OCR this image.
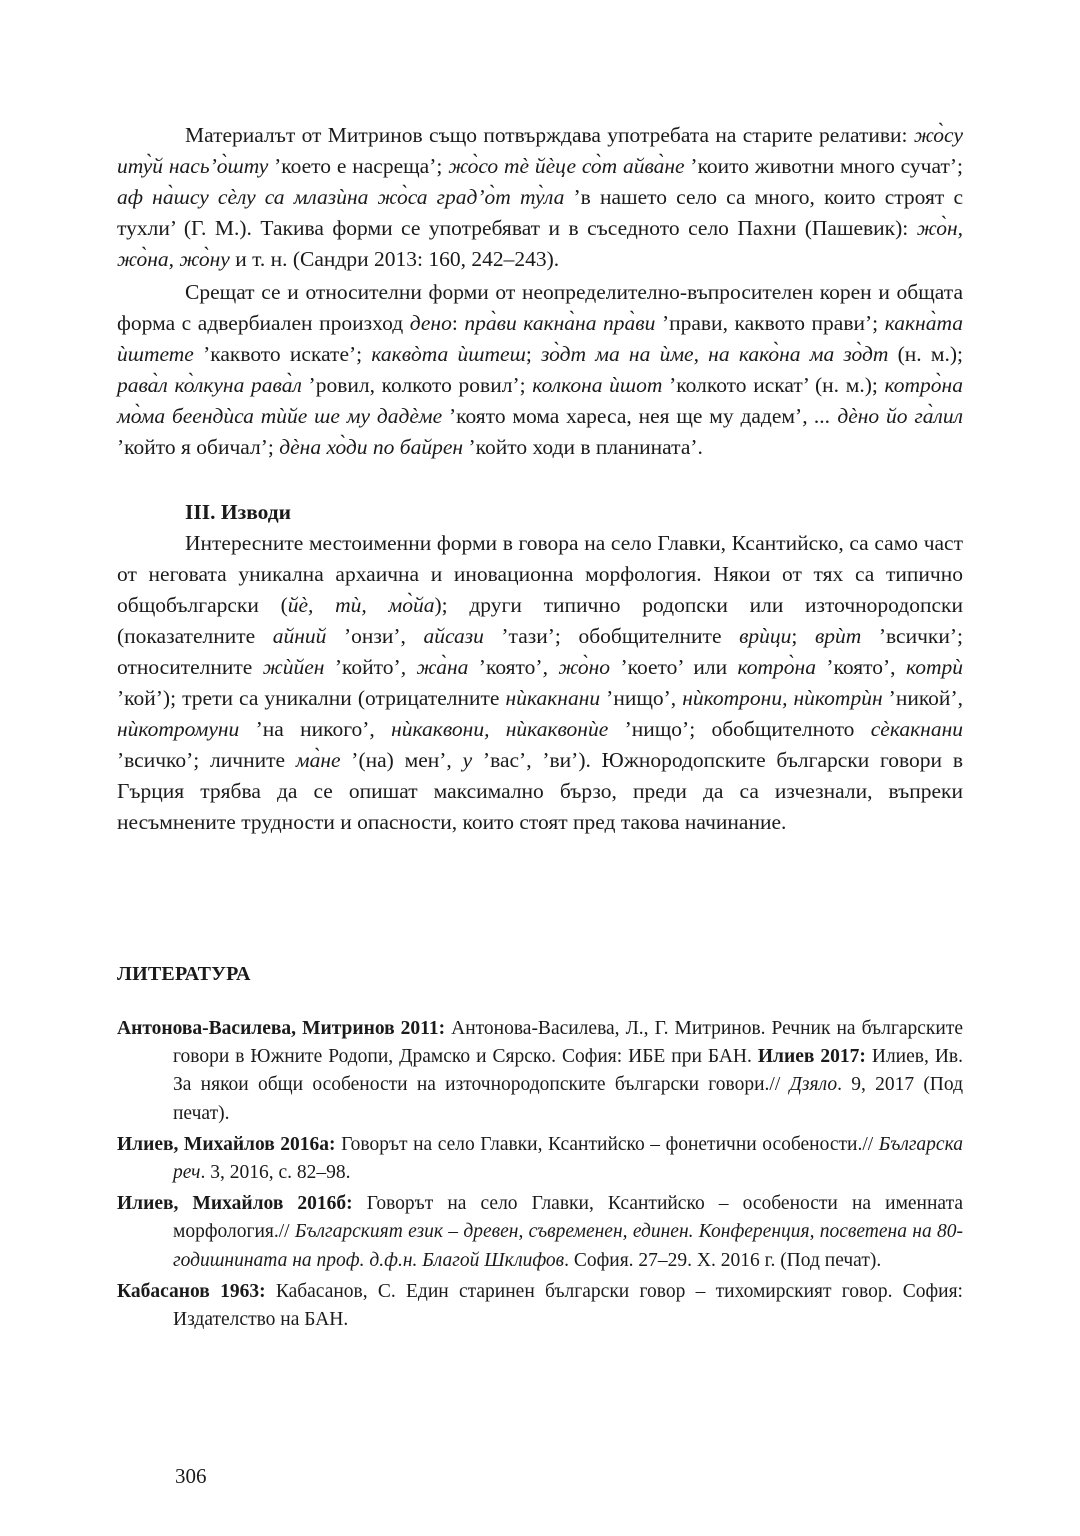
Материалът от Митринов също потвърждава употребата на старите релативи: жо̀су иту̀й нась’о̀шту ’което е насреща’; жо̀со тѐ йѐце со̀т айва̀не ’които животни много сучат’; аф на̀шсу сѐлу са млазѝна жо̀са град’о̀т ту̀ла ’в нашето село са много, които строят с тухли’ (Г. М.). Такива форми се употребяват и в съседното село Пахни (Пашевик): жо̀н, жо̀на, жо̀ну и т. н. (Сандри 2013: 160, 242–243).

Срещат се и относителни форми от неопределително-въпросителен корен и общата форма с адвербиален произход дено: пра̀ви какна̀на пра̀ви ’прави, каквото прави’; какна̀та ѝштете ’каквото искате’; каквòта ѝштеш; зо̀дт ма на ѝме, на како̀на ма зо̀дт (н. м.); рава̀л ко̀лкуна рава̀л ’ровил, колкото ровил’; колкона ѝшот ’колкото искат’ (н. м.); котро̀на мо̀ма беендѝса тѝйе ше му дадѐме ’която мома хареса, нея ще му дадем’, ... дѐно йо га̀лил ’който я обичал’; дѐна хо̀ди по байрен ’който ходи в планината’.

III. Изводи

Интересните местоименни форми в говора на село Главки, Ксантийско, са само част от неговата уникална архаична и иновационна морфология. Някои от тях са типично общобългарски (йѐ, тѝ, мо̀йа); други типично родопски или източнородопски (показателните айний ’онзи’, айсази ’тази’; обобщителните врѝци; врѝт ’всички’; относителните жѝйен ’който’, жа̀на ’която’, жо̀но ’което’ или котро̀на ’която’, котрѝ ’кой’); трети са уникални (отрицателните нѝкакнани ’нищо’, нѝкотрони, нѝкотрѝн ’никой’, нѝкотромуни ’на никого’, нѝкаквони, нѝкаквонѝе ’нищо’; обобщителното сѐкакнани ’всичко’; личните ма̀не ’(на) мен’, у ’вас’, ’ви’). Южнородопските български говори в Гърция трябва да се опишат максимално бързо, преди да са изчезнали, въпреки несъмнените трудности и опасности, които стоят пред такова начинание.

ЛИТЕРАТУРА

Антонова-Василева, Митринов 2011: Антонова-Василева, Л., Г. Митринов. Речник на българските говори в Южните Родопи, Драмско и Сярско. София: ИБЕ при БАН. Илиев 2017: Илиев, Ив. За някои общи особености на източнородопските български говори.// Дзяло. 9, 2017 (Под печат).

Илиев, Михайлов 2016а: Говорът на село Главки, Ксантийско – фонетични особености.// Българска реч. 3, 2016, с. 82–98.

Илиев, Михайлов 2016б: Говорът на село Главки, Ксантийско – особености на именната морфология.// Българският език – древен, съвременен, единен. Конференция, посветена на 80-годишнината на проф. д.ф.н. Благой Шклифов. София. 27–29. X. 2016 г. (Под печат).

Кабасанов 1963: Кабасанов, С. Един старинен български говор – тихомирският говор. София: Издателство на БАН.

306
